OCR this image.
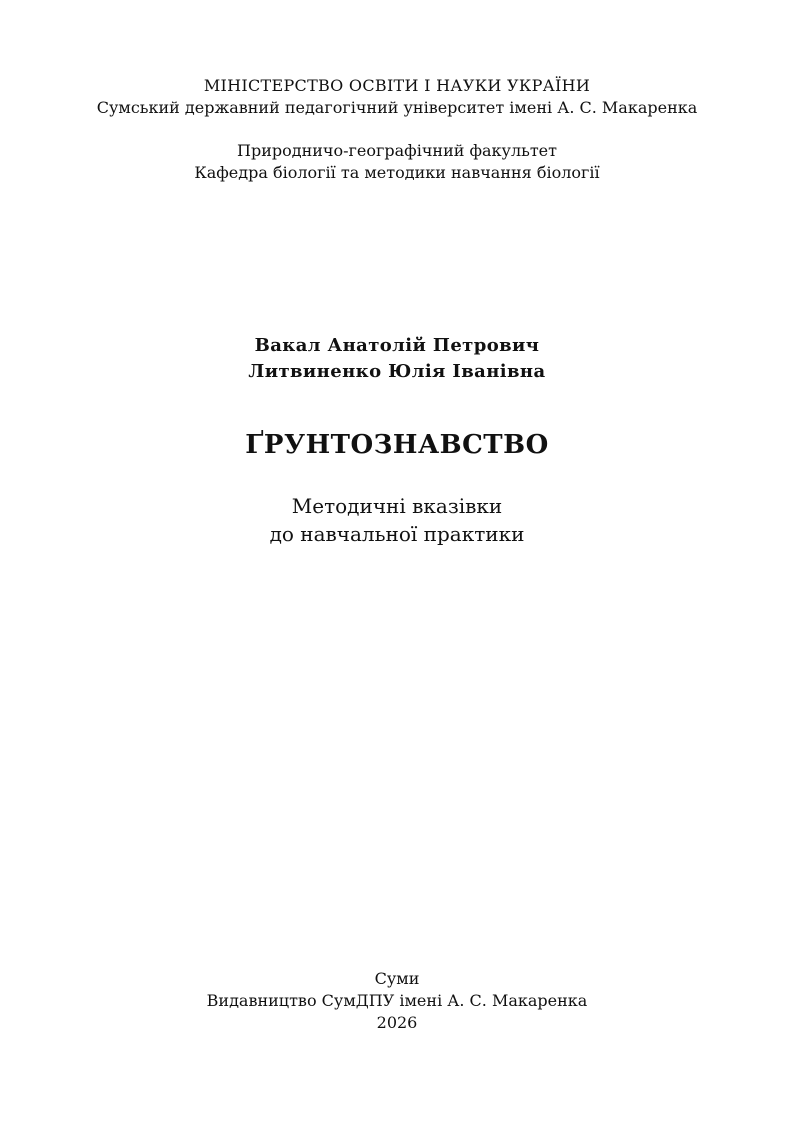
МІНІСТЕРСТВО ОСВІТИ І НАУКИ УКРАЇНИ
Сумський державний педагогічний університет імені А. С. Макаренка
Природничо-географічний факультет
Кафедра біології та методики навчання біології
Вакал Анатолій Петрович
Литвиненко Юлія Іванівна
ҐРУНТОЗНАВСТВО
Методичні вказівки
до навчальної практики
Суми
Видавництво СумДПУ імені А. С. Макаренка
2026
